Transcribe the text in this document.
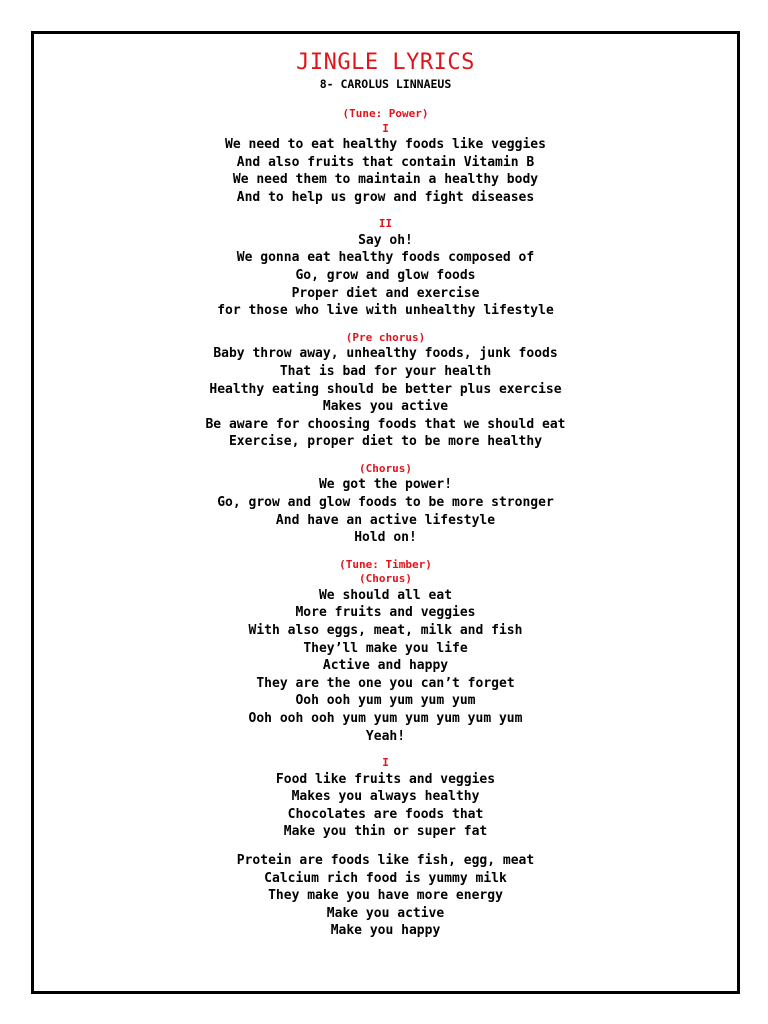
JINGLE LYRICS
8- CAROLUS LINNAEUS
(Tune: Power)
I
We need to eat healthy foods like veggies
And also fruits that contain Vitamin B
We need them to maintain a healthy body
And to help us grow and fight diseases
II
Say oh!
We gonna eat healthy foods composed of
Go, grow and glow foods
Proper diet and exercise
for those who live with unhealthy lifestyle
(Pre chorus)
Baby throw away, unhealthy foods, junk foods
That is bad for your health
Healthy eating should be better plus exercise
Makes you active
Be aware for choosing foods that we should eat
Exercise, proper diet to be more healthy
(Chorus)
We got the power!
Go, grow and glow foods to be more stronger
And have an active lifestyle
Hold on!
(Tune: Timber)
(Chorus)
We should all eat
More fruits and veggies
With also eggs, meat, milk and fish
They’ll make you life
Active and happy
They are the one you can’t forget
Ooh ooh yum yum yum yum
Ooh ooh ooh yum yum yum yum yum yum
Yeah!
I
Food like fruits and veggies
Makes you always healthy
Chocolates are foods that
Make you thin or super fat
Protein are foods like fish, egg, meat
Calcium rich food is yummy milk
They make you have more energy
Make you active
Make you happy
